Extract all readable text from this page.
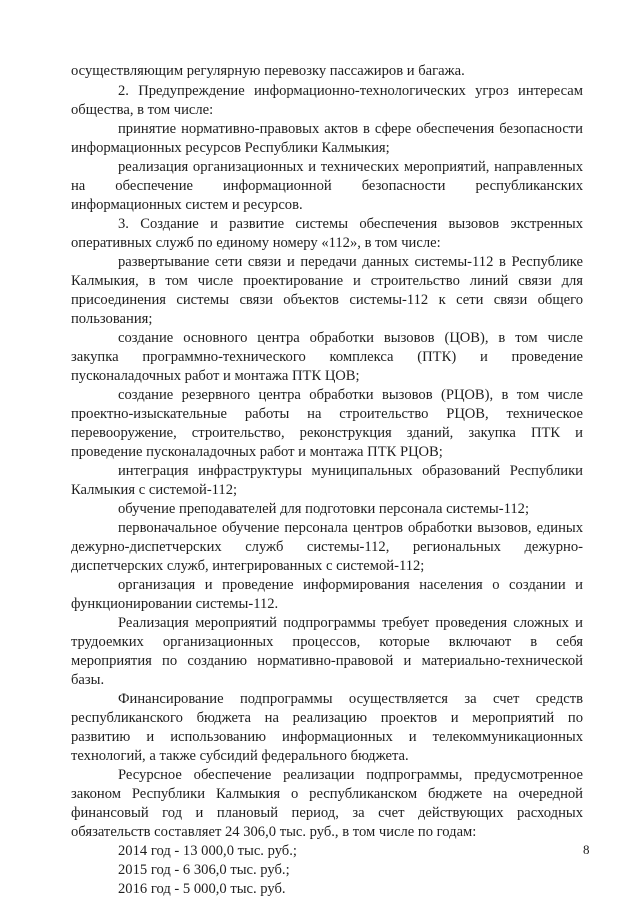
осуществляющим регулярную перевозку пассажиров и багажа.
2. Предупреждение информационно-технологических угроз интересам
общества, в том числе:
принятие нормативно-правовых актов в сфере обеспечения безопасности
информационных ресурсов Республики Калмыкия;
реализация организационных и технических мероприятий, направленных
на обеспечение информационной безопасности республиканских
информационных систем и ресурсов.
3. Создание и развитие системы обеспечения вызовов экстренных
оперативных служб по единому номеру «112», в том числе:
развертывание сети связи и передачи данных системы-112 в Республике
Калмыкия, в том числе проектирование и строительство линий связи для
присоединения системы связи объектов системы-112 к сети связи общего
пользования;
создание основного центра обработки вызовов (ЦОВ), в том числе
закупка программно-технического комплекса (ПТК) и проведение
пусконаладочных работ и монтажа ПТК ЦОВ;
создание резервного центра обработки вызовов (РЦОВ), в том числе
проектно-изыскательные работы на строительство РЦОВ, техническое
перевооружение, строительство, реконструкция зданий, закупка ПТК и
проведение пусконаладочных работ и монтажа ПТК РЦОВ;
интеграция инфраструктуры муниципальных образований Республики
Калмыкия с системой-112;
обучение преподавателей для подготовки персонала системы-112;
первоначальное обучение персонала центров обработки вызовов, единых
дежурно-диспетчерских служб системы-112, региональных дежурно-
диспетчерских служб, интегрированных с системой-112;
организация и проведение информирования населения о создании и
функционировании системы-112.
Реализация мероприятий подпрограммы требует проведения сложных и
трудоемких организационных процессов, которые включают в себя
мероприятия по созданию нормативно-правовой и материально-технической
базы.
Финансирование подпрограммы осуществляется за счет средств
республиканского бюджета на реализацию проектов и мероприятий по
развитию и использованию информационных и телекоммуникационных
технологий, а также субсидий федерального бюджета.
Ресурсное обеспечение реализации подпрограммы, предусмотренное
законом Республики Калмыкия о республиканском бюджете на очередной
финансовый год и плановый период, за счет действующих расходных
обязательств составляет 24 306,0 тыс. руб., в том числе по годам:
2014 год - 13 000,0 тыс. руб.;
2015 год - 6 306,0 тыс. руб.;
2016 год - 5 000,0 тыс. руб.
8
